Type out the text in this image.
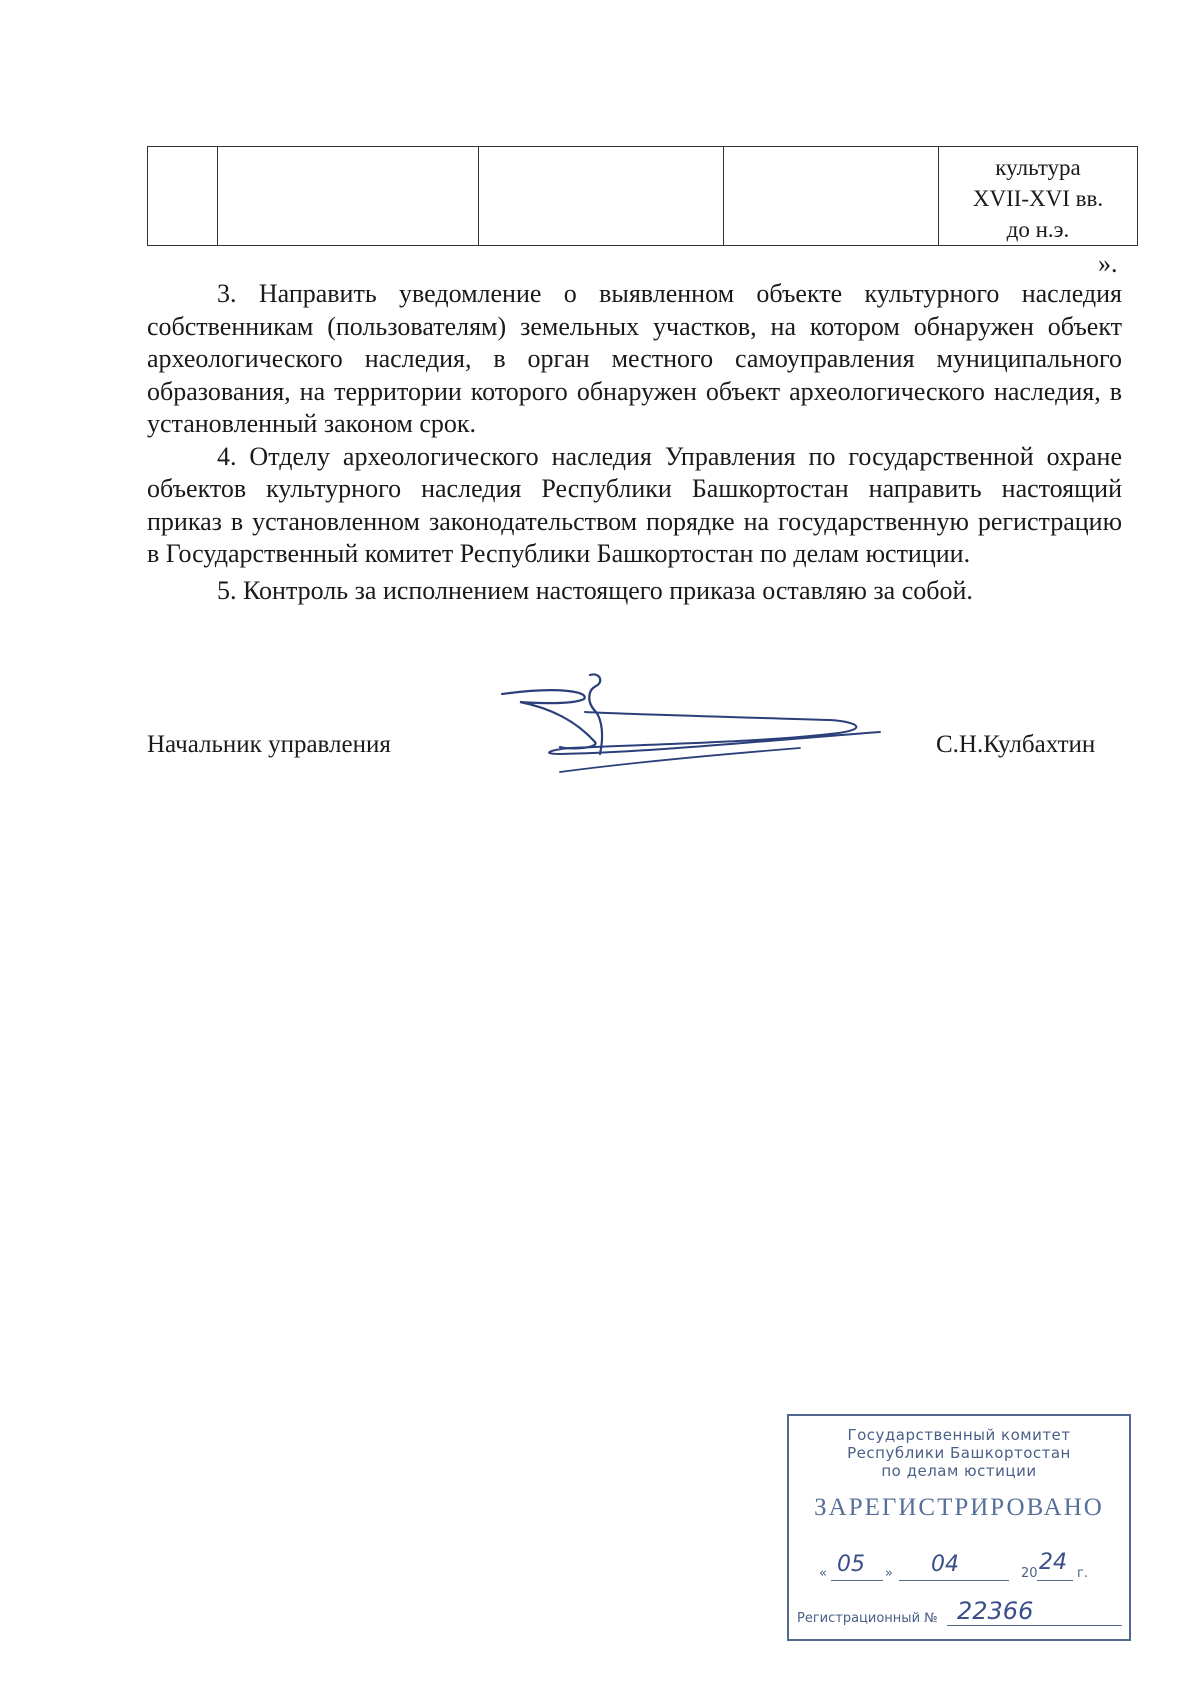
культура
XVII-XVI вв.
до н.э.
».

3. Направить уведомление о выявленном объекте культурного наследия собственникам (пользователям) земельных участков, на котором обнаружен объект археологического наследия, в орган местного самоуправления муниципального образования, на территории которого обнаружен объект археологического наследия, в установленный законом срок.

4. Отделу археологического наследия Управления по государственной охране объектов культурного наследия Республики Башкортостан направить настоящий приказ в установленном законодательством порядке на государственную регистрацию в Государственный комитет Республики Башкортостан по делам юстиции.

5. Контроль за исполнением настоящего приказа оставляю за собой.

Начальник управления	С.Н.Кулбахтин
Государственный комитет
Республики Башкортостан
по делам юстиции
ЗАРЕГИСТРИРОВАНО
« 05 » 04	20 24 г.
Регистрационный № 22366
